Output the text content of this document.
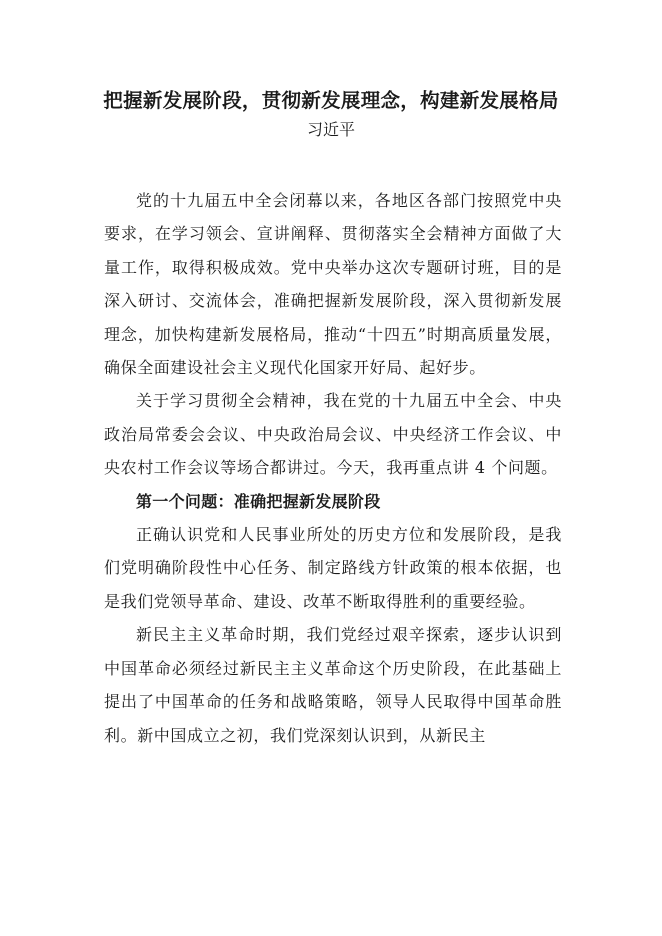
把握新发展阶段，贯彻新发展理念，构建新发展格局

习近平

党的十九届五中全会闭幕以来，各地区各部门按照党中央要求，在学习领会、宣讲阐释、贯彻落实全会精神方面做了大量工作，取得积极成效。党中央举办这次专题研讨班，目的是深入研讨、交流体会，准确把握新发展阶段，深入贯彻新发展理念，加快构建新发展格局，推动“十四五”时期高质量发展，确保全面建设社会主义现代化国家开好局、起好步。

关于学习贯彻全会精神，我在党的十九届五中全会、中央政治局常委会会议、中央政治局会议、中央经济工作会议、中央农村工作会议等场合都讲过。今天，我再重点讲 4 个问题。

第一个问题：准确把握新发展阶段

正确认识党和人民事业所处的历史方位和发展阶段，是我们党明确阶段性中心任务、制定路线方针政策的根本依据，也是我们党领导革命、建设、改革不断取得胜利的重要经验。

新民主主义革命时期，我们党经过艰辛探索，逐步认识到中国革命必须经过新民主主义革命这个历史阶段，在此基础上提出了中国革命的任务和战略策略，领导人民取得中国革命胜利。新中国成立之初，我们党深刻认识到，从新民主
